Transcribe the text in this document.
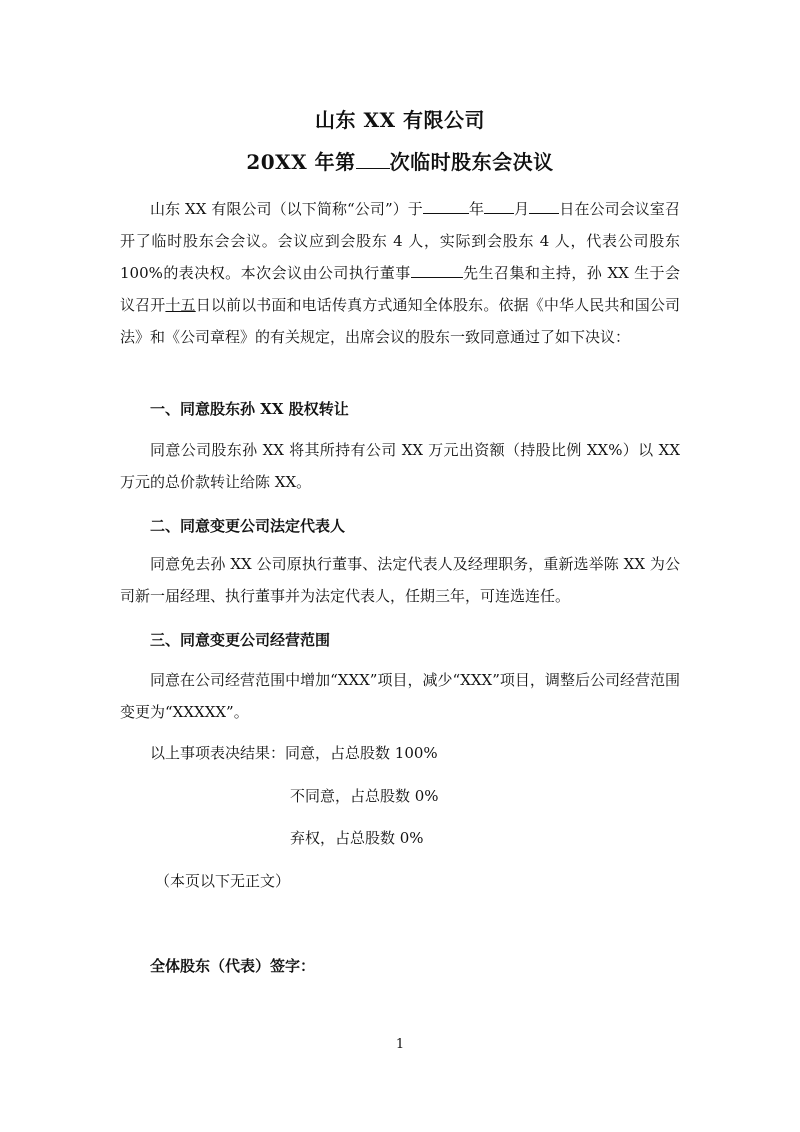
山东 XX 有限公司
20XX 年第 次临时股东会决议
山东 XX 有限公司（以下简称“公司”）于	年 月 日在公司会议室召开了临时股东会会议。会议应到会股东 4 人，实际到会股东 4 人，代表公司股东 100%的表决权。本次会议由公司执行董事	先生召集和主持，孙 XX 生于会议召开十五日以前以书面和电话传真方式通知全体股东。依据《中华人民共和国公司法》和《公司章程》的有关规定，出席会议的股东一致同意通过了如下决议：
一、同意股东孙 XX 股权转让
同意公司股东孙 XX 将其所持有公司 XX 万元出资额（持股比例 XX%）以 XX 万元的总价款转让给陈 XX。
二、同意变更公司法定代表人
同意免去孙 XX 公司原执行董事、法定代表人及经理职务，重新选举陈 XX 为公司新一届经理、执行董事并为法定代表人，任期三年，可连选连任。
三、同意变更公司经营范围
同意在公司经营范围中增加“XXX”项目，减少“XXX”项目，调整后公司经营范围变更为“XXXXX”。
以上事项表决结果：同意，占总股数 100%
不同意，占总股数 0%
弃权，占总股数 0%
（本页以下无正文）
全体股东（代表）签字：
1
